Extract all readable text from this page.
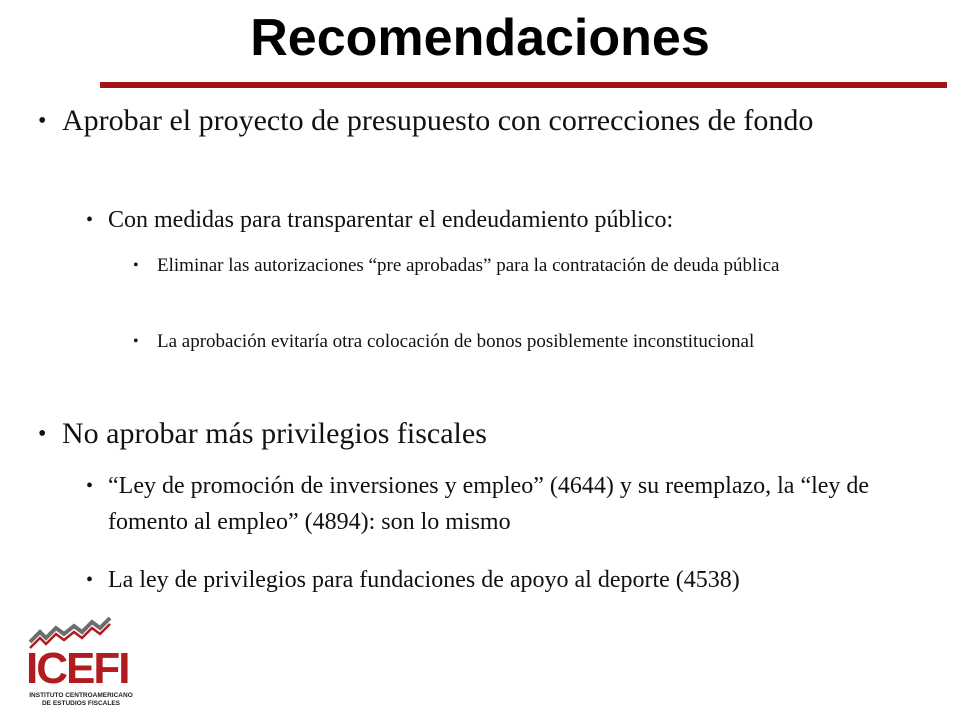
Recomendaciones
• Aprobar el proyecto de presupuesto con correcciones de fondo
• Con medidas para transparentar el endeudamiento público:
• Eliminar las autorizaciones “pre aprobadas” para la contratación de deuda pública
• La aprobación evitaría otra colocación de bonos posiblemente inconstitucional
• No aprobar más privilegios fiscales
• “Ley de promoción de inversiones y empleo” (4644) y su reemplazo, la “ley de fomento al empleo” (4894): son lo mismo
• La ley de privilegios para fundaciones de apoyo al deporte (4538)
ICEFI
INSTITUTO CENTROAMERICANO
DE ESTUDIOS FISCALES
